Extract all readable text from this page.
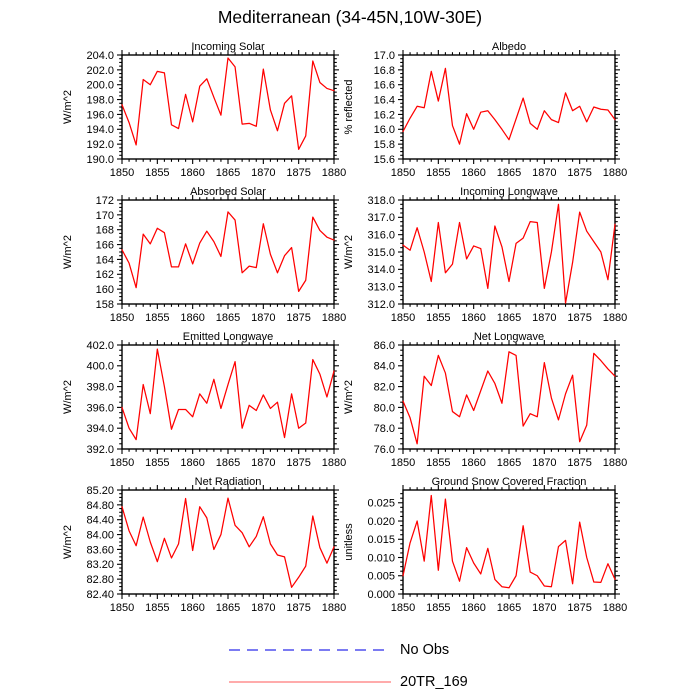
Mediterranean (34-45N,10W-30E)
Incoming Solar
1850 1855 1860 1865 1870 1875 1880
190.0
192.0
194.0
196.0
198.0
200.0
202.0
204.0
W/m^2
Albedo
1850 1855 1860 1865 1870 1875 1880
15.6
15.8
16.0
16.2
16.4
16.6
16.8
17.0
% reflected
Absorbed Solar
1850 1855 1860 1865 1870 1875 1880
158
160
162
164
166
168
170
172
W/m^2
Incoming Longwave
1850 1855 1860 1865 1870 1875 1880
312.0
313.0
314.0
315.0
316.0
317.0
318.0
W/m^2
Emitted Longwave
1850 1855 1860 1865 1870 1875 1880
392.0
394.0
396.0
398.0
400.0
402.0
W/m^2
Net Longwave
1850 1855 1860 1865 1870 1875 1880
76.0
78.0
80.0
82.0
84.0
86.0
W/m^2
Net Radiation
1850 1855 1860 1865 1870 1875 1880
82.40
82.80
83.20
83.60
84.00
84.40
84.80
85.20
W/m^2
Ground Snow Covered Fraction
1850 1855 1860 1865 1870 1875 1880
0.000
0.005
0.010
0.015
0.020
0.025
unitless
No Obs
20TR_169
